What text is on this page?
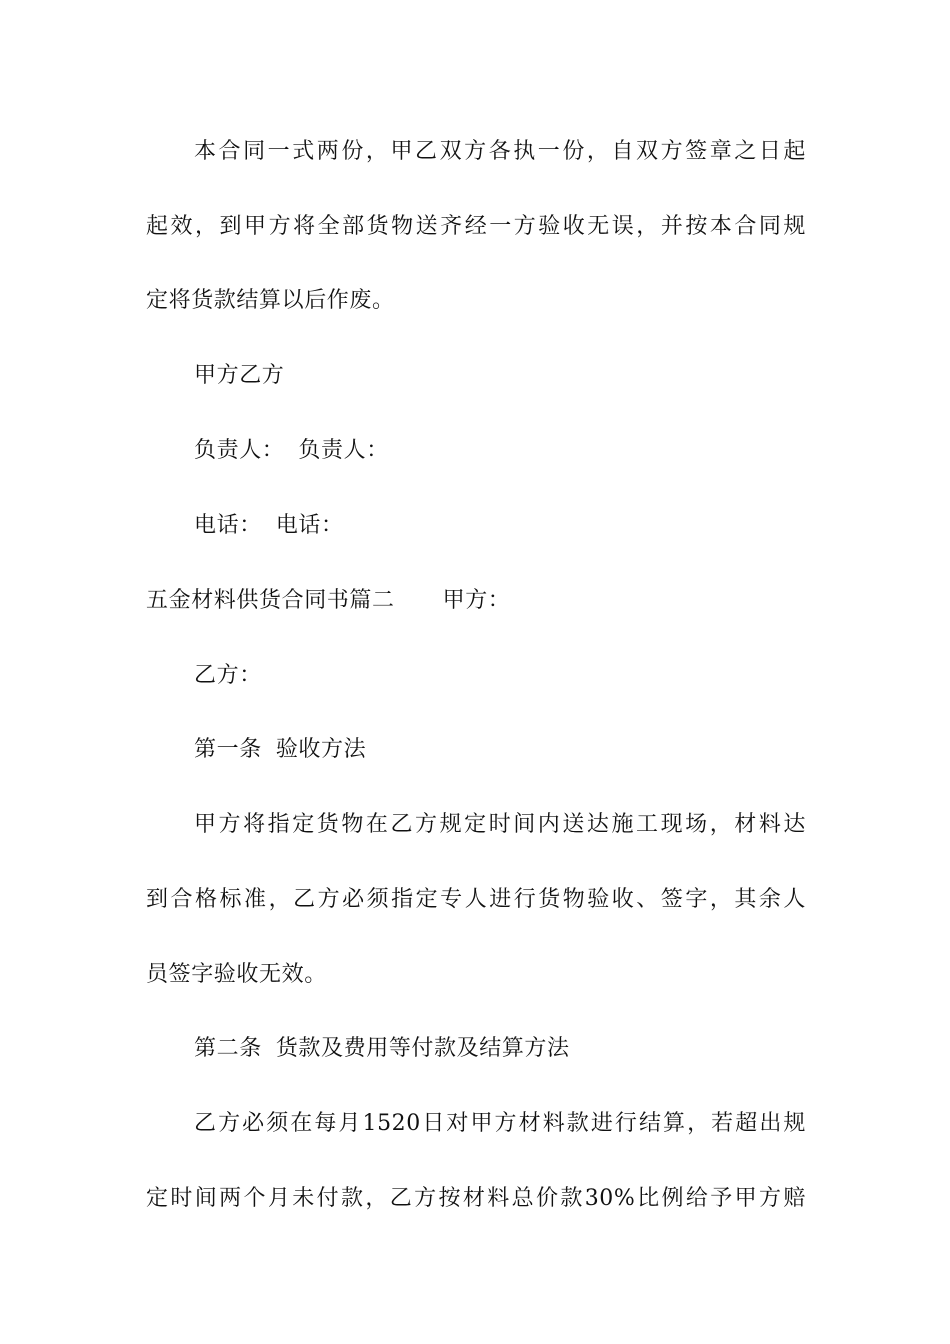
本合同一式两份，甲乙双方各执一份，自双方签章之日起
起效，到甲方将全部货物送齐经一方验收无误，并按本合同规
定将货款结算以后作废。
甲方乙方
负责人： 负责人：
电话： 电话：
五金材料供货合同书篇二 甲方：
乙方：
第一条 验收方法
甲方将指定货物在乙方规定时间内送达施工现场，材料达
到合格标准，乙方必须指定专人进行货物验收、签字，其余人
员签字验收无效。
第二条 货款及费用等付款及结算方法
乙方必须在每月1520日对甲方材料款进行结算，若超出规
定时间两个月未付款，乙方按材料总价款30%比例给予甲方赔
